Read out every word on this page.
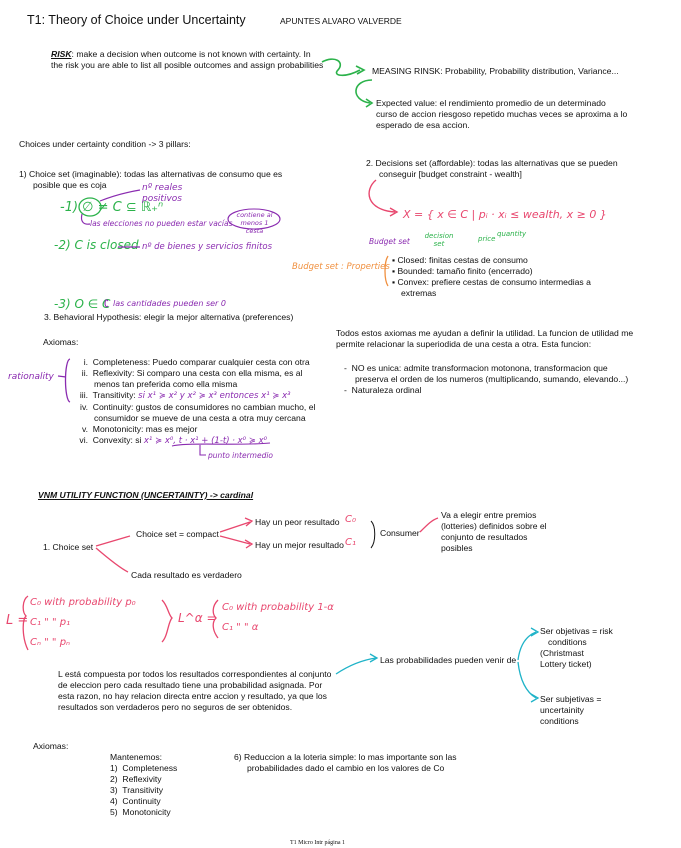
T1: Theory of Choice under Uncertainty	APUNTES ALVARO VALVERDE
RISK: make a decision when outcome is not known with certainty. In
the risk you are able to list all posible outcomes and assign probabilities
MEASING RINSK: Probability, Probability distribution, Variance...
Expected value: el rendimiento promedio de un determinado
curso de accion riesgoso repetido muchas veces se aproxima a lo
esperado de esa accion.
Choices under certainty condition -> 3 pillars:
1) Choice set (imaginable): todas las alternativas de consumo que es
posible que es coja
-1) ∅ ≠ C ⊆ ℝ₊ⁿ
nº reales positivos
las elecciones no pueden estar vacías
contiene al menos 1 cesta
-2) C is closed nº de bienes y servicios finitos
-3) O ∈ C las cantidades pueden ser 0
2. Decisions set (affordable): todas las alternativas que se pueden
conseguir [budget constraint - wealth]
X = { x ∈ C | pᵢ · xᵢ ≤ wealth, x ≥ 0 }
Budget set
decision set
price
quantity
Budget set : Properties
▪ Closed: finitas cestas de consumo
▪ Bounded: tamaño finito (encerrado)
▪ Convex: prefiere cestas de consumo intermedias a
extremas
3. Behavioral Hypothesis: elegir la mejor alternativa (preferences)
Axiomas:
rationality
i. Completeness: Puedo comparar cualquier cesta con otra
ii. Reflexivity: Si comparo una cesta con ella misma, es al
menos tan preferida como ella misma
iii. Transitivity: si x¹ ≽ x² y x² ≽ x³ entonces x¹ ≽ x³
iv. Continuity: gustos de consumidores no cambian mucho, el
consumidor se mueve de una cesta a otra muy cercana
v. Monotonicity: mas es mejor
vi. Convexity: si x¹ ≽ x⁰, t · x¹ + (1-t) · x⁰ ≽ x⁰
punto intermedio
Todos estos axiomas me ayudan a definir la utilidad. La funcion de utilidad me
permite relacionar la superiodida de una cesta a otra. Esta funcion:
-  NO es unica: admite transformacion motonona, transformacion que
preserva el orden de los numeros (multiplicando, sumando, elevando...)
-  Naturaleza ordinal
VNM UTILITY FUNCTION (UNCERTAINTY) -> cardinal
1. Choice set
Choice set = compact
Hay un peor resultado
Hay un mejor resultado
C₀
C₁
Consumer
Va a elegir entre premios
(lotteries) definidos sobre el
conjunto de resultados
posibles
Cada resultado es verdadero
L =
C₀ with probability p₀
C₁ " " p₁
Cₙ " " pₙ
L^α =
C₀ with probability 1-α
C₁ " " α
L está compuesta por todos los resultados correspondientes al conjunto
de eleccion pero cada resultado tiene una probabilidad asignada. Por
esta razon, no hay relacion directa entre accion y resultado, ya que los
resultados son verdaderos pero no seguros de ser obtenidos.
Las probabilidades pueden venir de
Ser objetivas = risk
conditions
(Christmast
Lottery ticket)
Ser subjetivas =
uncertainity
conditions
Axiomas:
Mantenemos:
1)  Completeness
2)  Reflexivity
3)  Transitivity
4)  Continuity
5)  Monotonicity
6) Reduccion a la loteria simple: lo mas importante son las
probabilidades dado el cambio en los valores de Co
T1 Micro Intr página 1
